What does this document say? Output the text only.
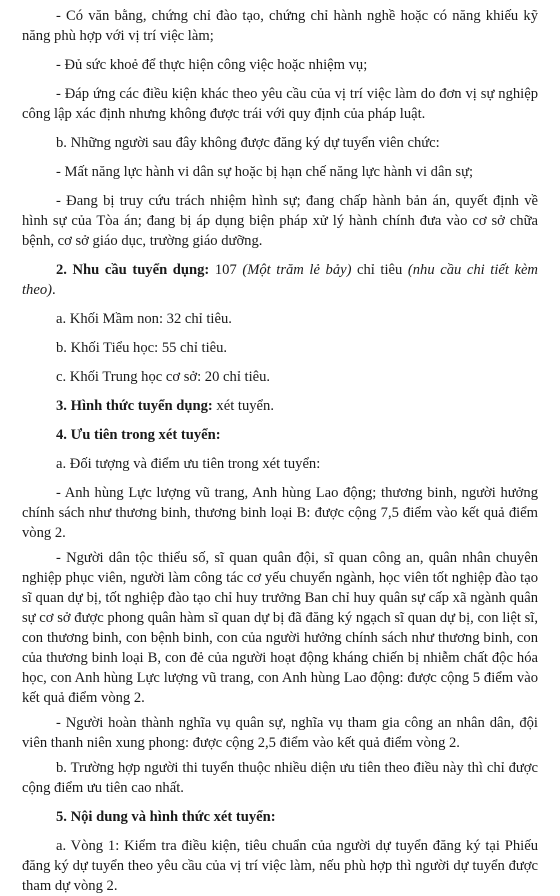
- Có văn bằng, chứng chỉ đào tạo, chứng chỉ hành nghề hoặc có năng khiếu kỹ năng phù hợp với vị trí việc làm;

- Đủ sức khoẻ để thực hiện công việc hoặc nhiệm vụ;

- Đáp ứng các điều kiện khác theo yêu cầu của vị trí việc làm do đơn vị sự nghiệp công lập xác định nhưng không được trái với quy định của pháp luật.

b. Những người sau đây không được đăng ký dự tuyển viên chức:

- Mất năng lực hành vi dân sự hoặc bị hạn chế năng lực hành vi dân sự;

- Đang bị truy cứu trách nhiệm hình sự; đang chấp hành bản án, quyết định về hình sự của Tòa án; đang bị áp dụng biện pháp xử lý hành chính đưa vào cơ sở chữa bệnh, cơ sở giáo dục, trường giáo dưỡng.

2. Nhu cầu tuyển dụng: 107 (Một trăm lẻ bảy) chỉ tiêu (nhu cầu chi tiết kèm theo).

a. Khối Mầm non: 32 chỉ tiêu.

b. Khối Tiểu học: 55 chỉ tiêu.

c. Khối Trung học cơ sở: 20 chỉ tiêu.

3. Hình thức tuyển dụng: xét tuyển.

4. Ưu tiên trong xét tuyển:

a. Đối tượng và điểm ưu tiên trong xét tuyển:

- Anh hùng Lực lượng vũ trang, Anh hùng Lao động; thương binh, người hưởng chính sách như thương binh, thương binh loại B: được cộng 7,5 điểm vào kết quả điểm vòng 2.

- Người dân tộc thiểu số, sĩ quan quân đội, sĩ quan công an, quân nhân chuyên nghiệp phục viên, người làm công tác cơ yếu chuyển ngành, học viên tốt nghiệp đào tạo sĩ quan dự bị, tốt nghiệp đào tạo chỉ huy trưởng Ban chỉ huy quân sự cấp xã ngành quân sự cơ sở được phong quân hàm sĩ quan dự bị đã đăng ký ngạch sĩ quan dự bị, con liệt sĩ, con thương binh, con bệnh binh, con của người hưởng chính sách như thương binh, con của thương binh loại B, con đẻ của người hoạt động kháng chiến bị nhiễm chất độc hóa học, con Anh hùng Lực lượng vũ trang, con Anh hùng Lao động: được cộng 5 điểm vào kết quả điểm vòng 2.

- Người hoàn thành nghĩa vụ quân sự, nghĩa vụ tham gia công an nhân dân, đội viên thanh niên xung phong: được cộng 2,5 điểm vào kết quả điểm vòng 2.

b. Trường hợp người thi tuyển thuộc nhiều diện ưu tiên theo điều này thì chỉ được cộng điểm ưu tiên cao nhất.

5. Nội dung và hình thức xét tuyển:

a. Vòng 1: Kiểm tra điều kiện, tiêu chuẩn của người dự tuyển đăng ký tại Phiếu đăng ký dự tuyển theo yêu cầu của vị trí việc làm, nếu phù hợp thì người dự tuyển được tham dự vòng 2.
